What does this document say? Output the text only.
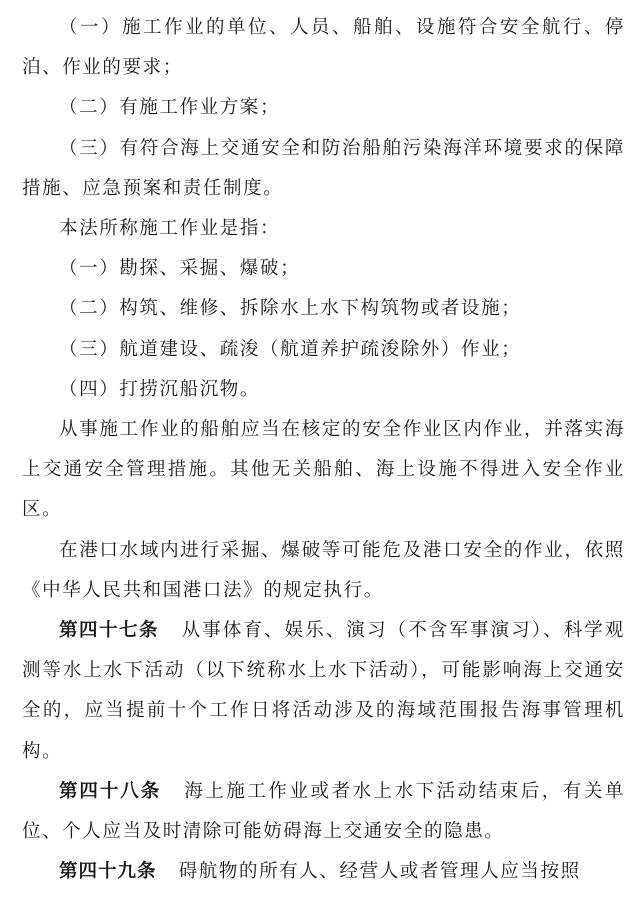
（一）施工作业的单位、人员、船舶、设施符合安全航行、停泊、作业的要求；

（二）有施工作业方案；

（三）有符合海上交通安全和防治船舶污染海洋环境要求的保障措施、应急预案和责任制度。

本法所称施工作业是指：

（一）勘探、采掘、爆破；

（二）构筑、维修、拆除水上水下构筑物或者设施；

（三）航道建设、疏浚（航道养护疏浚除外）作业；

（四）打捞沉船沉物。

从事施工作业的船舶应当在核定的安全作业区内作业，并落实海上交通安全管理措施。其他无关船舶、海上设施不得进入安全作业区。

在港口水域内进行采掘、爆破等可能危及港口安全的作业，依照《中华人民共和国港口法》的规定执行。

第四十七条 从事体育、娱乐、演习（不含军事演习）、科学观测等水上水下活动（以下统称水上水下活动），可能影响海上交通安全的，应当提前十个工作日将活动涉及的海域范围报告海事管理机构。

第四十八条 海上施工作业或者水上水下活动结束后，有关单位、个人应当及时清除可能妨碍海上交通安全的隐患。

第四十九条 碍航物的所有人、经营人或者管理人应当按照
